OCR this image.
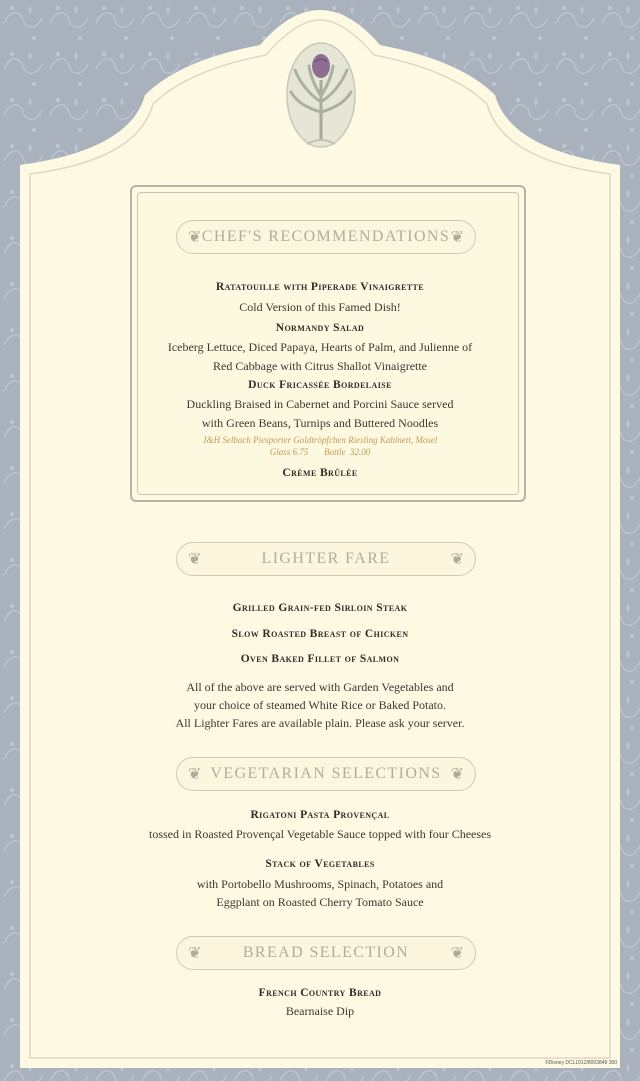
❦ CHEF'S RECOMMENDATIONS ❦
Ratatouille with Piperade Vinaigrette
Cold Version of this Famed Dish!
Normandy Salad
Iceberg Lettuce, Diced Papaya, Hearts of Palm, and Julienne of
Red Cabbage with Citrus Shallot Vinaigrette
Duck Fricassée Bordelaise
Duckling Braised in Cabernet and Porcini Sauce served
with Green Beans, Turnips and Buttered Noodles
J&H Selbach Piesporter Goldtröpfchen Riesling Kabinett, Mosel
Glass 6.75       Bottle  32.00
Crème Brûlée
❦	LIGHTER FARE	❦
Grilled Grain-fed Sirloin Steak
Slow Roasted Breast of Chicken
Oven Baked Fillet of Salmon
All of the above are served with Garden Vegetables and
your choice of steamed White Rice or Baked Potato.
All Lighter Fares are available plain. Please ask your server.
❦ VEGETARIAN SELECTIONS ❦
Rigatoni Pasta Provençal
tossed in Roasted Provençal Vegetable Sauce topped with four Cheeses
Stack of Vegetables
with Portobello Mushrooms, Spinach, Potatoes and
Eggplant on Roasted Cherry Tomato Sauce
❦	BREAD SELECTION	❦
French Country Bread
Bearnaise Dip
©Disney DCL1012/8003849 300
